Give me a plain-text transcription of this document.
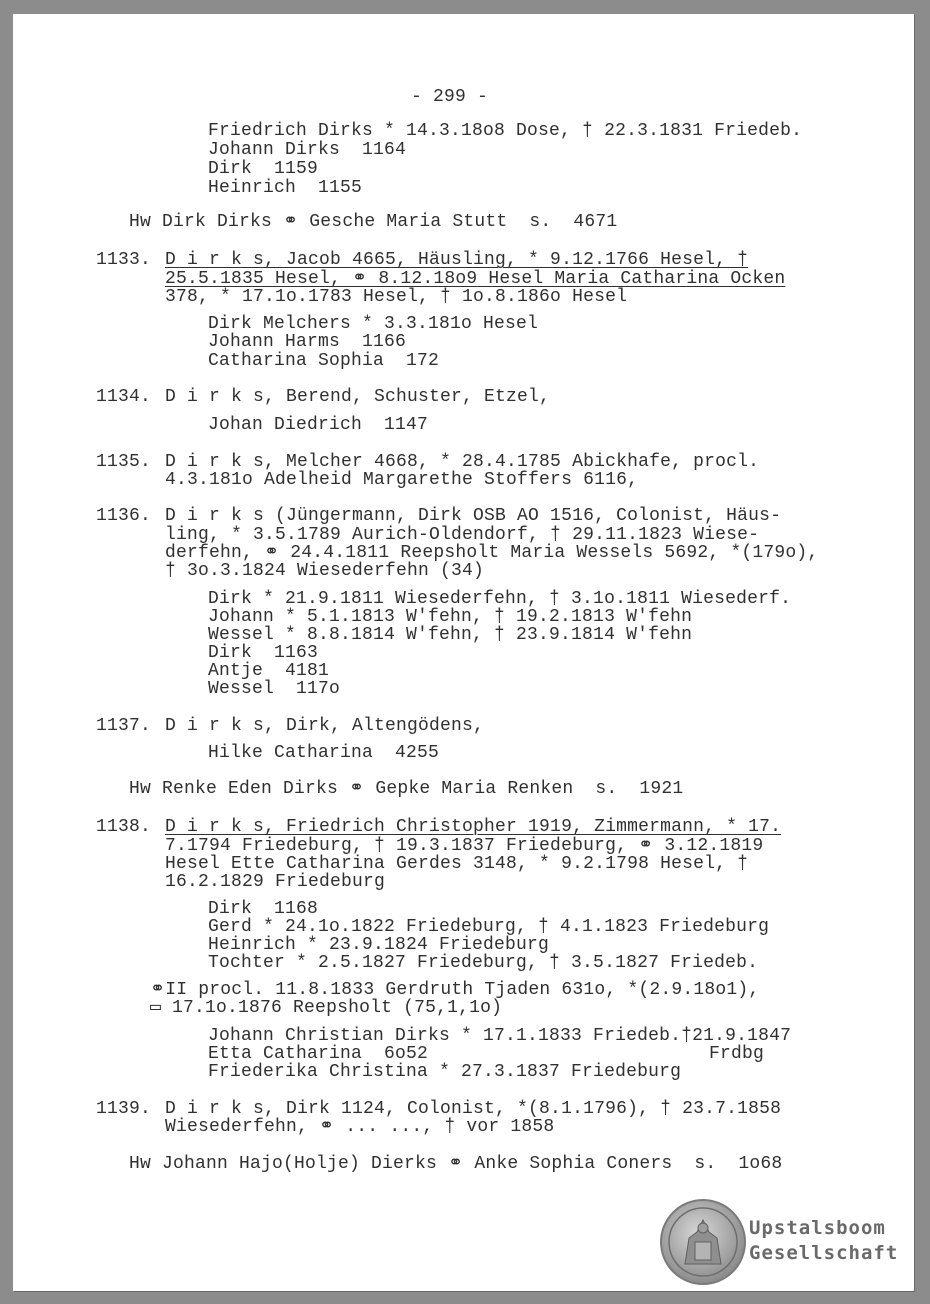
- 299 -
Friedrich Dirks * 14.3.18o8 Dose, † 22.3.1831 Friedeb.
Johann Dirks  1164
Dirk  1159
Heinrich  1155
Hw Dirk Dirks ⚭ Gesche Maria Stutt  s.  4671
1133. D i r k s, Jacob 4665, Häusling, * 9.12.1766 Hesel, †
25.5.1835 Hesel, ⚭ 8.12.18o9 Hesel Maria Catharina Ocken
378, * 17.1o.1783 Hesel, † 1o.8.186o Hesel
Dirk Melchers * 3.3.181o Hesel
Johann Harms  1166
Catharina Sophia  172
1134. D i r k s, Berend, Schuster, Etzel,
Johan Diedrich  1147
1135. D i r k s, Melcher 4668, * 28.4.1785 Abickhafe, procl.
4.3.181o Adelheid Margarethe Stoffers 6116,
1136. D i r k s (Jüngermann, Dirk OSB AO 1516, Colonist, Häus-
ling, * 3.5.1789 Aurich-Oldendorf, † 29.11.1823 Wiese-
derfehn, ⚭ 24.4.1811 Reepsholt Maria Wessels 5692, *(179o),
† 3o.3.1824 Wiesederfehn (34)
Dirk * 21.9.1811 Wiesederfehn, † 3.1o.1811 Wiesederf.
Johann * 5.1.1813 W'fehn, † 19.2.1813 W'fehn
Wessel * 8.8.1814 W'fehn, † 23.9.1814 W'fehn
Dirk  1163
Antje  4181
Wessel  117o
1137. D i r k s, Dirk, Altengödens,
Hilke Catharina  4255
Hw Renke Eden Dirks ⚭ Gepke Maria Renken  s.  1921
1138. D i r k s, Friedrich Christopher 1919, Zimmermann, * 17.
7.1794 Friedeburg, † 19.3.1837 Friedeburg, ⚭ 3.12.1819
Hesel Ette Catharina Gerdes 3148, * 9.2.1798 Hesel, †
16.2.1829 Friedeburg
Dirk  1168
Gerd * 24.1o.1822 Friedeburg, † 4.1.1823 Friedeburg
Heinrich * 23.9.1824 Friedeburg
Tochter * 2.5.1827 Friedeburg, † 3.5.1827 Friedeb.
⚭II procl. 11.8.1833 Gerdruth Tjaden 631o, *(2.9.18o1),
▭ 17.1o.1876 Reepsholt (75,1,1o)
Johann Christian Dirks * 17.1.1833 Friedeb.†21.9.1847
Etta Catharina  6o52	Frdbg
Friederika Christina * 27.3.1837 Friedeburg
1139. D i r k s, Dirk 1124, Colonist, *(8.1.1796), † 23.7.1858
Wiesederfehn, ⚭ ... ..., † vor 1858
Hw Johann Hajo(Holje) Dierks ⚭ Anke Sophia Coners  s.  1o68
Upstalsboom
Gesellschaft
